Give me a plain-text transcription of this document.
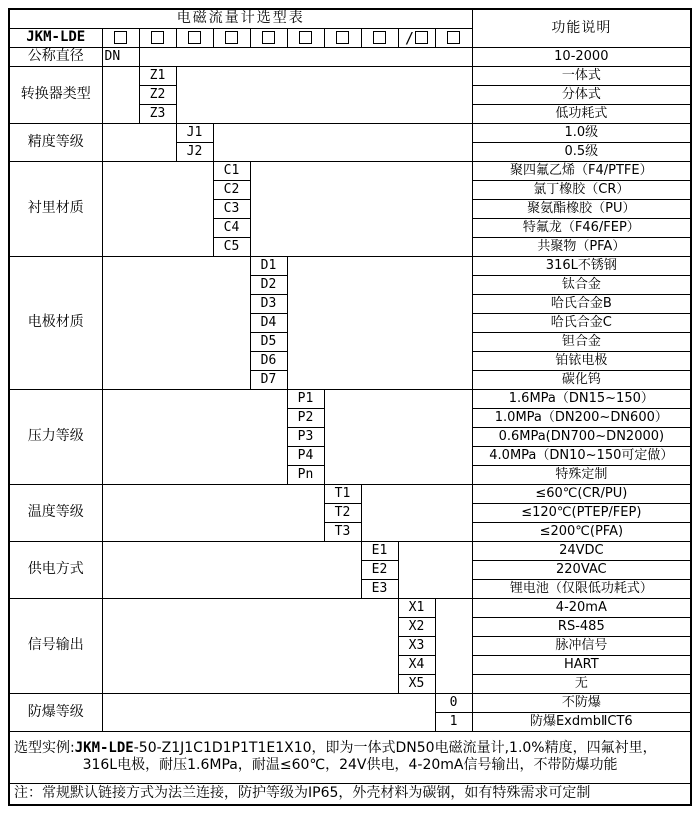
电磁流量计选型表											功能说明
JKM-LDE									/		
公称直径	DN										10-2000
转换器类型		Z1									一体式
		Z2									分体式
		Z3									低功耗式
精度等级			J1								1.0级
			J2								0.5级
衬里材质				C1							聚四氟乙烯（F4/PTFE）
				C2							氯丁橡胶（CR）
				C3							聚氨酯橡胶（PU）
				C4							特氟龙（F46/FEP）
				C5							共聚物（PFA）
电极材质					D1						316L不锈钢
					D2						钛合金
					D3						哈氏合金B
					D4						哈氏合金C
					D5						钽合金
					D6						铂铱电极
					D7						碳化钨
压力等级						P1					1.6MPa（DN15~150）
						P2					1.0MPa（DN200~DN600）
						P3					0.6MPa(DN700~DN2000)
						P4					4.0MPa（DN10~150可定做）
						Pn					特殊定制
温度等级							T1				≤60℃(CR/PU)
							T2				≤120℃(PTEP/FEP)
							T3				≤200℃(PFA)
供电方式								E1			24VDC
								E2			220VAC
								E3			锂电池（仅限低功耗式）
信号输出									X1		4-20mA
									X2		RS-485
									X3		脉冲信号
									X4		HART
									X5		无
防爆等级										0	不防爆
										1	防爆ExdmbⅡCT6

选型实例:JKM-LDE-50-Z1J1C1D1P1T1E1X10，即为一体式DN50电磁流量计,1.0%精度，四氟衬里，
316L电极，耐压1.6MPa，耐温≤60℃，24V供电，4-20mA信号输出，不带防爆功能											

注：常规默认链接方式为法兰连接，防护等级为IP65，外壳材料为碳钢，如有特殊需求可定制											
